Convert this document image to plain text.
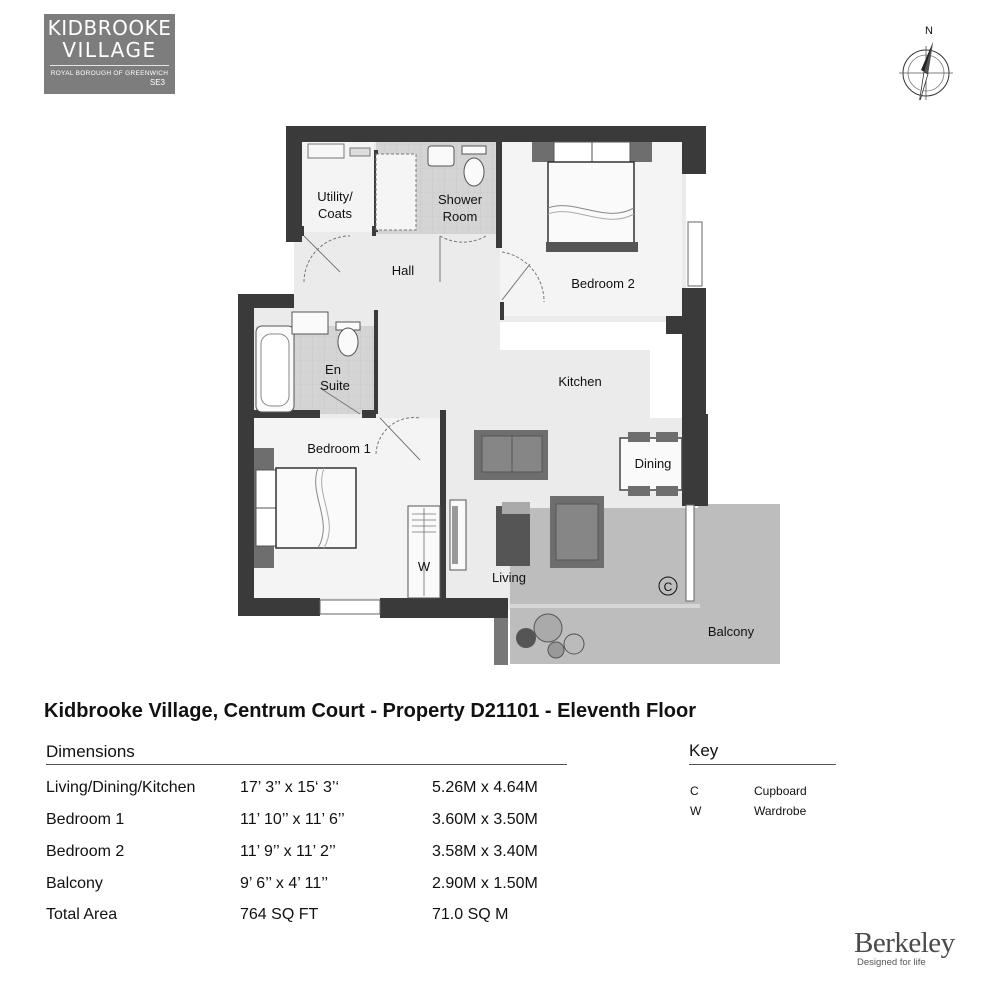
KIDBROOKE
VILLAGE
ROYAL BOROUGH OF GREENWICH
SE3
N
C
W
Utility/
Coats
Shower
Room
Hall
Bedroom 2
En
Suite	Kitchen
Bedroom 1
Dining
Living
Balcony
Kidbrooke Village, Centrum Court - Property D21101 - Eleventh Floor
Dimensions
Living/Dining/Kitchen	17’ 3’’ x 15‘ 3’‘	5.26M x 4.64M
Bedroom 1	11’ 10’’ x 11’ 6’’	3.60M x 3.50M
Bedroom 2	11’ 9’’ x 11’ 2’’	3.58M x 3.40M
Balcony	9’ 6’’ x 4’ 11’’	2.90M x 1.50M
Total Area	764 SQ FT	71.0 SQ M
Key
C	Cupboard
W	Wardrobe
Berkeley
Designed for life
